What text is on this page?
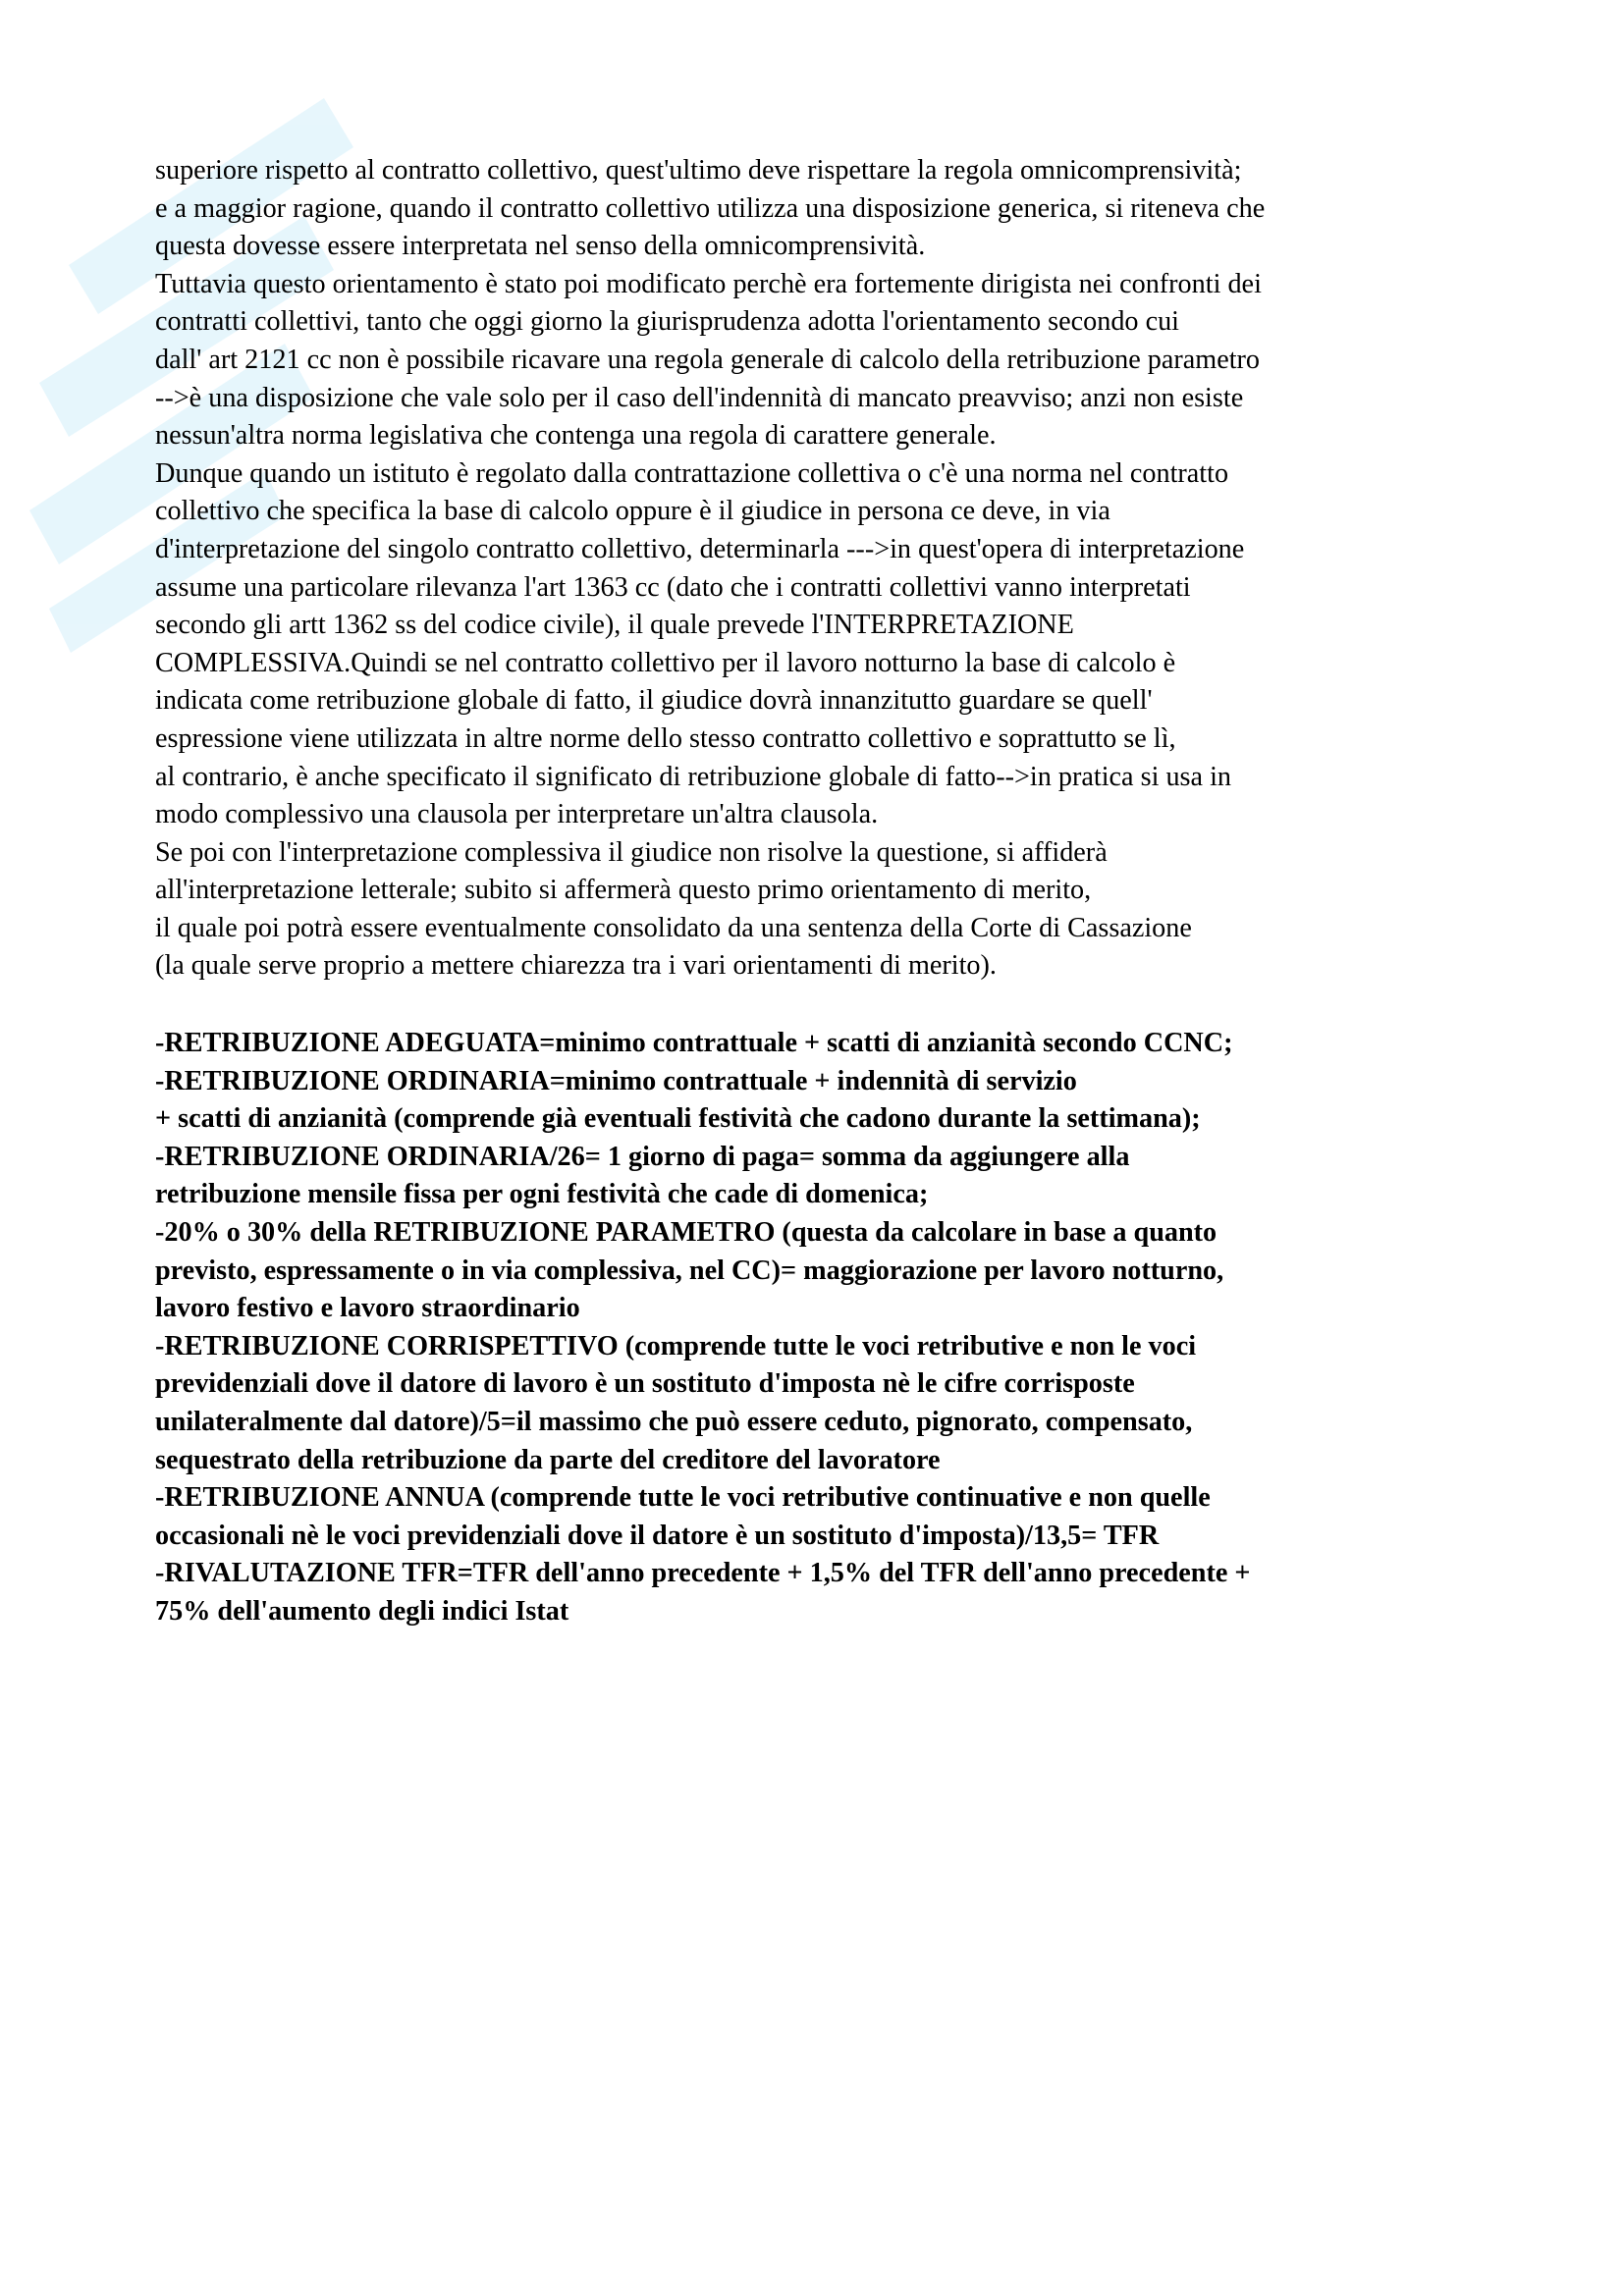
superiore rispetto al contratto collettivo, quest'ultimo deve rispettare la regola omnicomprensività;
e a maggior ragione, quando il contratto collettivo utilizza una disposizione generica, si riteneva che
questa dovesse essere interpretata nel senso della omnicomprensività.
Tuttavia questo orientamento è stato poi modificato perchè era fortemente dirigista nei confronti dei
contratti collettivi, tanto che oggi giorno la giurisprudenza adotta l'orientamento secondo cui
dall' art 2121 cc non è possibile ricavare una regola generale di calcolo della retribuzione parametro
-->è una disposizione che vale solo per il caso dell'indennità di mancato preavviso; anzi non esiste
nessun'altra norma legislativa che contenga una regola di carattere generale.
Dunque quando un istituto è regolato dalla contrattazione collettiva o c'è una norma nel contratto
collettivo che specifica la base di calcolo oppure è il giudice in persona ce deve, in via
d'interpretazione del singolo contratto collettivo, determinarla --->in quest'opera di interpretazione
assume una particolare rilevanza l'art 1363 cc (dato che i contratti collettivi vanno interpretati
secondo gli artt 1362 ss del codice civile), il quale prevede l'INTERPRETAZIONE
COMPLESSIVA.Quindi se nel contratto collettivo per il lavoro notturno la base di calcolo è
indicata come retribuzione globale di fatto, il giudice dovrà innanzitutto guardare se quell'
espressione viene utilizzata in altre norme dello stesso contratto collettivo e soprattutto se lì,
al contrario, è anche specificato il significato di retribuzione globale di fatto-->in pratica si usa in
modo complessivo una clausola per interpretare un'altra clausola.
Se poi con l'interpretazione complessiva il giudice non risolve la questione, si affiderà
all'interpretazione letterale; subito si affermerà questo primo orientamento di merito,
il quale poi potrà essere eventualmente consolidato da una sentenza della Corte di Cassazione
(la quale serve proprio a mettere chiarezza tra i vari orientamenti di merito).
-RETRIBUZIONE ADEGUATA=minimo contrattuale + scatti di anzianità secondo CCNC;
-RETRIBUZIONE ORDINARIA=minimo contrattuale + indennità di servizio
+ scatti di anzianità (comprende già eventuali festività che cadono durante la settimana);
-RETRIBUZIONE ORDINARIA/26= 1 giorno di paga= somma da aggiungere alla
retribuzione mensile fissa per ogni festività che cade di domenica;
-20% o 30% della RETRIBUZIONE PARAMETRO (questa da calcolare in base a quanto
previsto, espressamente o in via complessiva, nel CC)= maggiorazione per lavoro notturno,
lavoro festivo e lavoro straordinario
-RETRIBUZIONE CORRISPETTIVO (comprende tutte le voci retributive e non le voci
previdenziali dove il datore di lavoro è un sostituto d'imposta nè le cifre corrisposte
unilateralmente dal datore)/5=il massimo che può essere ceduto, pignorato, compensato,
sequestrato della retribuzione da parte del creditore del lavoratore
-RETRIBUZIONE ANNUA (comprende tutte le voci retributive continuative e non quelle
occasionali nè le voci previdenziali dove il datore è un sostituto d'imposta)/13,5= TFR
-RIVALUTAZIONE TFR=TFR dell'anno precedente + 1,5% del TFR dell'anno precedente +
75% dell'aumento degli indici Istat
